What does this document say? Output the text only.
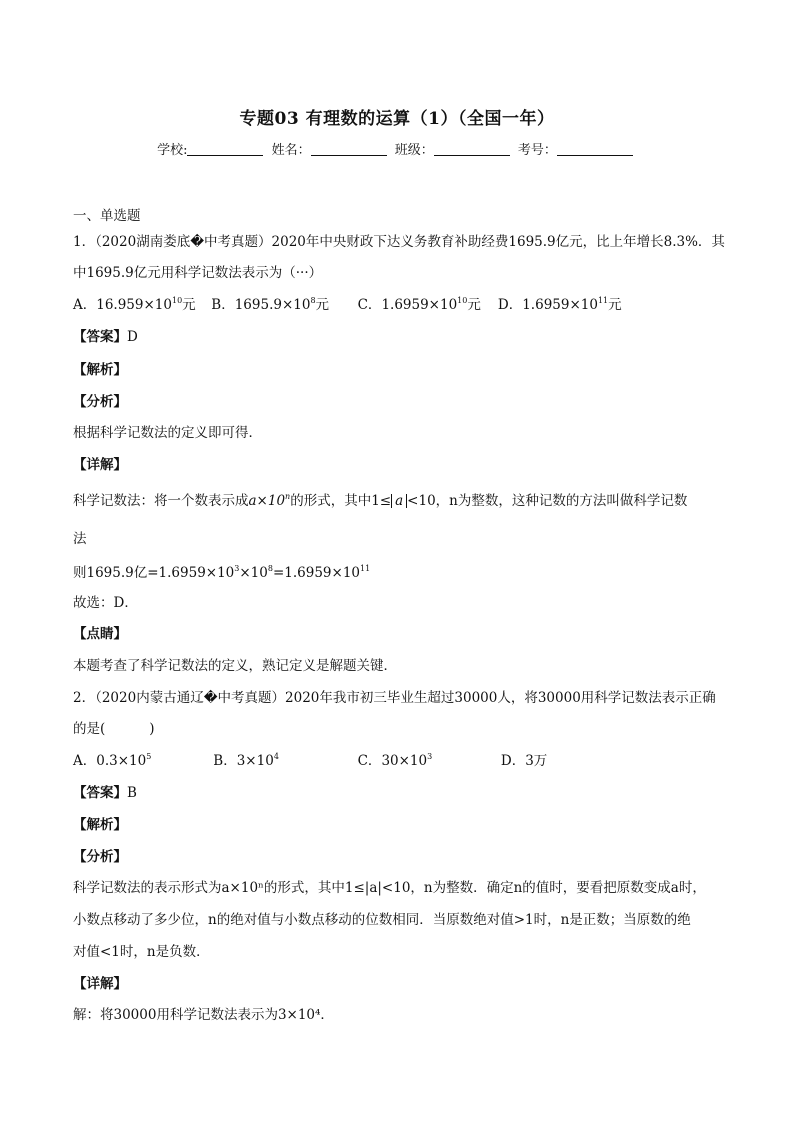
专题03 有理数的运算（1）（全国一年）
学校:	姓名：	班级：	考号：
一、单选题
1．（2020湖南娄底�中考真题）2020年中央财政下达义务教育补助经费1695.9亿元，比上年增长8.3%．其
中1695.9亿元用科学记数法表示为（···）
A．$16.959\times 10^{10}$元 B．$1695.9\times 10^8$元 C．$1.6959\times 10^{10}$元 D．$1.6959\times 10^{11}$元
【答案】D
【解析】
【分析】
根据科学记数法的定义即可得．
【详解】
科学记数法：将一个数表示成$a\times 10^n$的形式，其中1≤ a <10，n为整数，这种记数的方法叫做科学记数
法
则1695.9亿$=1.6959\times 10^3\times 10^8=1.6959\times 10^{11}$
故选：D．
【点睛】
本题考查了科学记数法的定义，熟记定义是解题关键．
2．（2020内蒙古通辽�中考真题）2020年我市初三毕业生超过30000人，将30000用科学记数法表示正确
的是(	)
A．$0.3\times 10^5$	B．$3\times 10^4$	C．$30\times 10^3$	D．3万
【答案】B
【解析】
【分析】
科学记数法的表示形式为a×10ⁿ的形式，其中1≤|a|<10，n为整数．确定n的值时，要看把原数变成a时，
小数点移动了多少位，n的绝对值与小数点移动的位数相同．当原数绝对值>1时，n是正数；当原数的绝
对值<1时，n是负数．
【详解】
解：将30000用科学记数法表示为3×10⁴．
